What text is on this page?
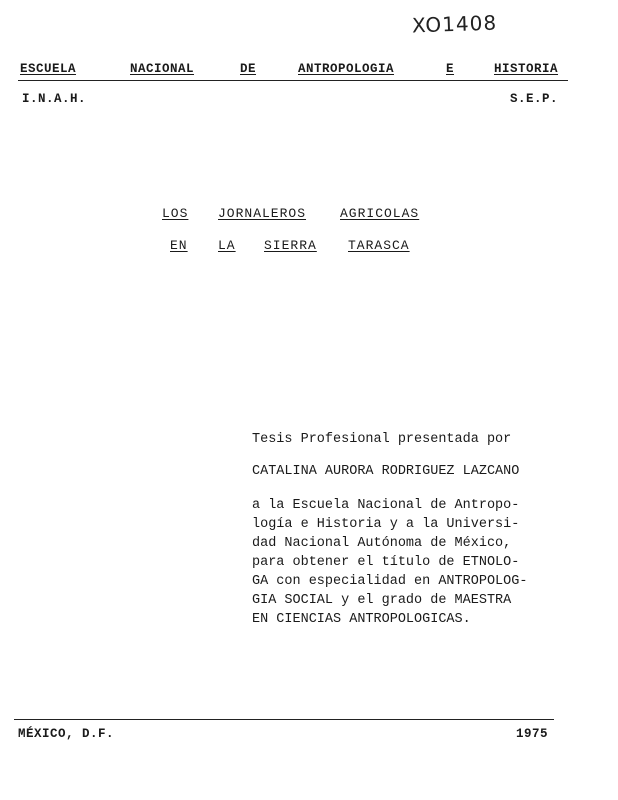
XO1408
ESCUELA	NACIONAL	DE	ANTROPOLOGIA	E	HISTORIA
I.N.A.H.	S.E.P.
LOS JORNALEROS	AGRICOLAS
EN LA SIERRA TARASCA
Tesis Profesional presentada por
CATALINA AURORA RODRIGUEZ LAZCANO
a la Escuela Nacional de Antropo-
logía e Historia y a la Universi-
dad Nacional Autónoma de México,
para obtener el título de ETNOLO-
GA con especialidad en ANTROPOLOG-
GIA SOCIAL y el grado de MAESTRA
EN CIENCIAS ANTROPOLOGICAS.
MÉXICO, D.F.	1975
